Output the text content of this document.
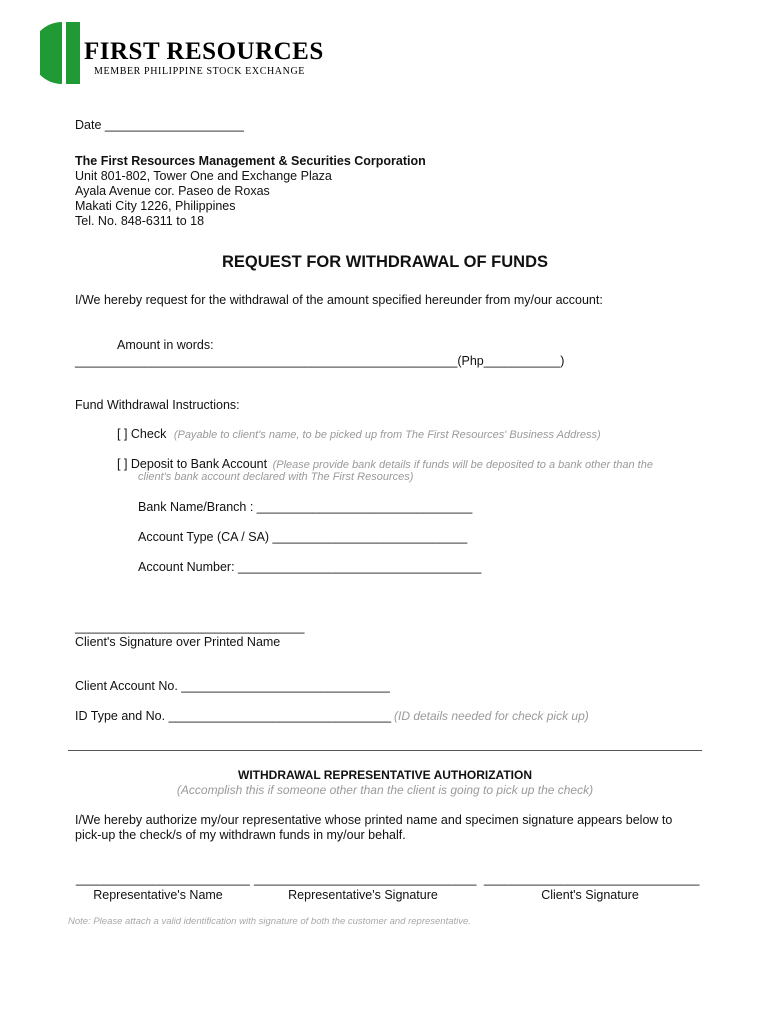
FIRST RESOURCES
MEMBER PHILIPPINE STOCK EXCHANGE
Date ____________________
The First Resources Management & Securities Corporation
Unit 801-802, Tower One and Exchange Plaza
Ayala Avenue cor. Paseo de Roxas
Makati City 1226, Philippines
Tel. No. 848-6311 to 18
REQUEST FOR WITHDRAWAL OF FUNDS
I/We hereby request for the withdrawal of the amount specified hereunder from my/our account:
Amount in words:
_______________________________________________________(Php___________)
Fund Withdrawal Instructions:
[ ] Check (Payable to client's name, to be picked up from The First Resources' Business Address)
[ ] Deposit to Bank Account (Please provide bank details if funds will be deposited to a bank other than the
client's bank account declared with The First Resources)
Bank Name/Branch : _______________________________
Account Type (CA / SA) ____________________________
Account Number: ___________________________________
_________________________________
Client's Signature over Printed Name
Client Account No. ______________________________
ID Type and No. ________________________________ (ID details needed for check pick up)
WITHDRAWAL REPRESENTATIVE AUTHORIZATION
(Accomplish this if someone other than the client is going to pick up the check)
I/We hereby authorize my/our representative whose printed name and specimen signature appears below to
pick-up the check/s of my withdrawn funds in my/our behalf.
_________________________
Representative's Name
________________________________
Representative's Signature
_______________________________
Client's Signature
Note: Please attach a valid identification with signature of both the customer and representative.
